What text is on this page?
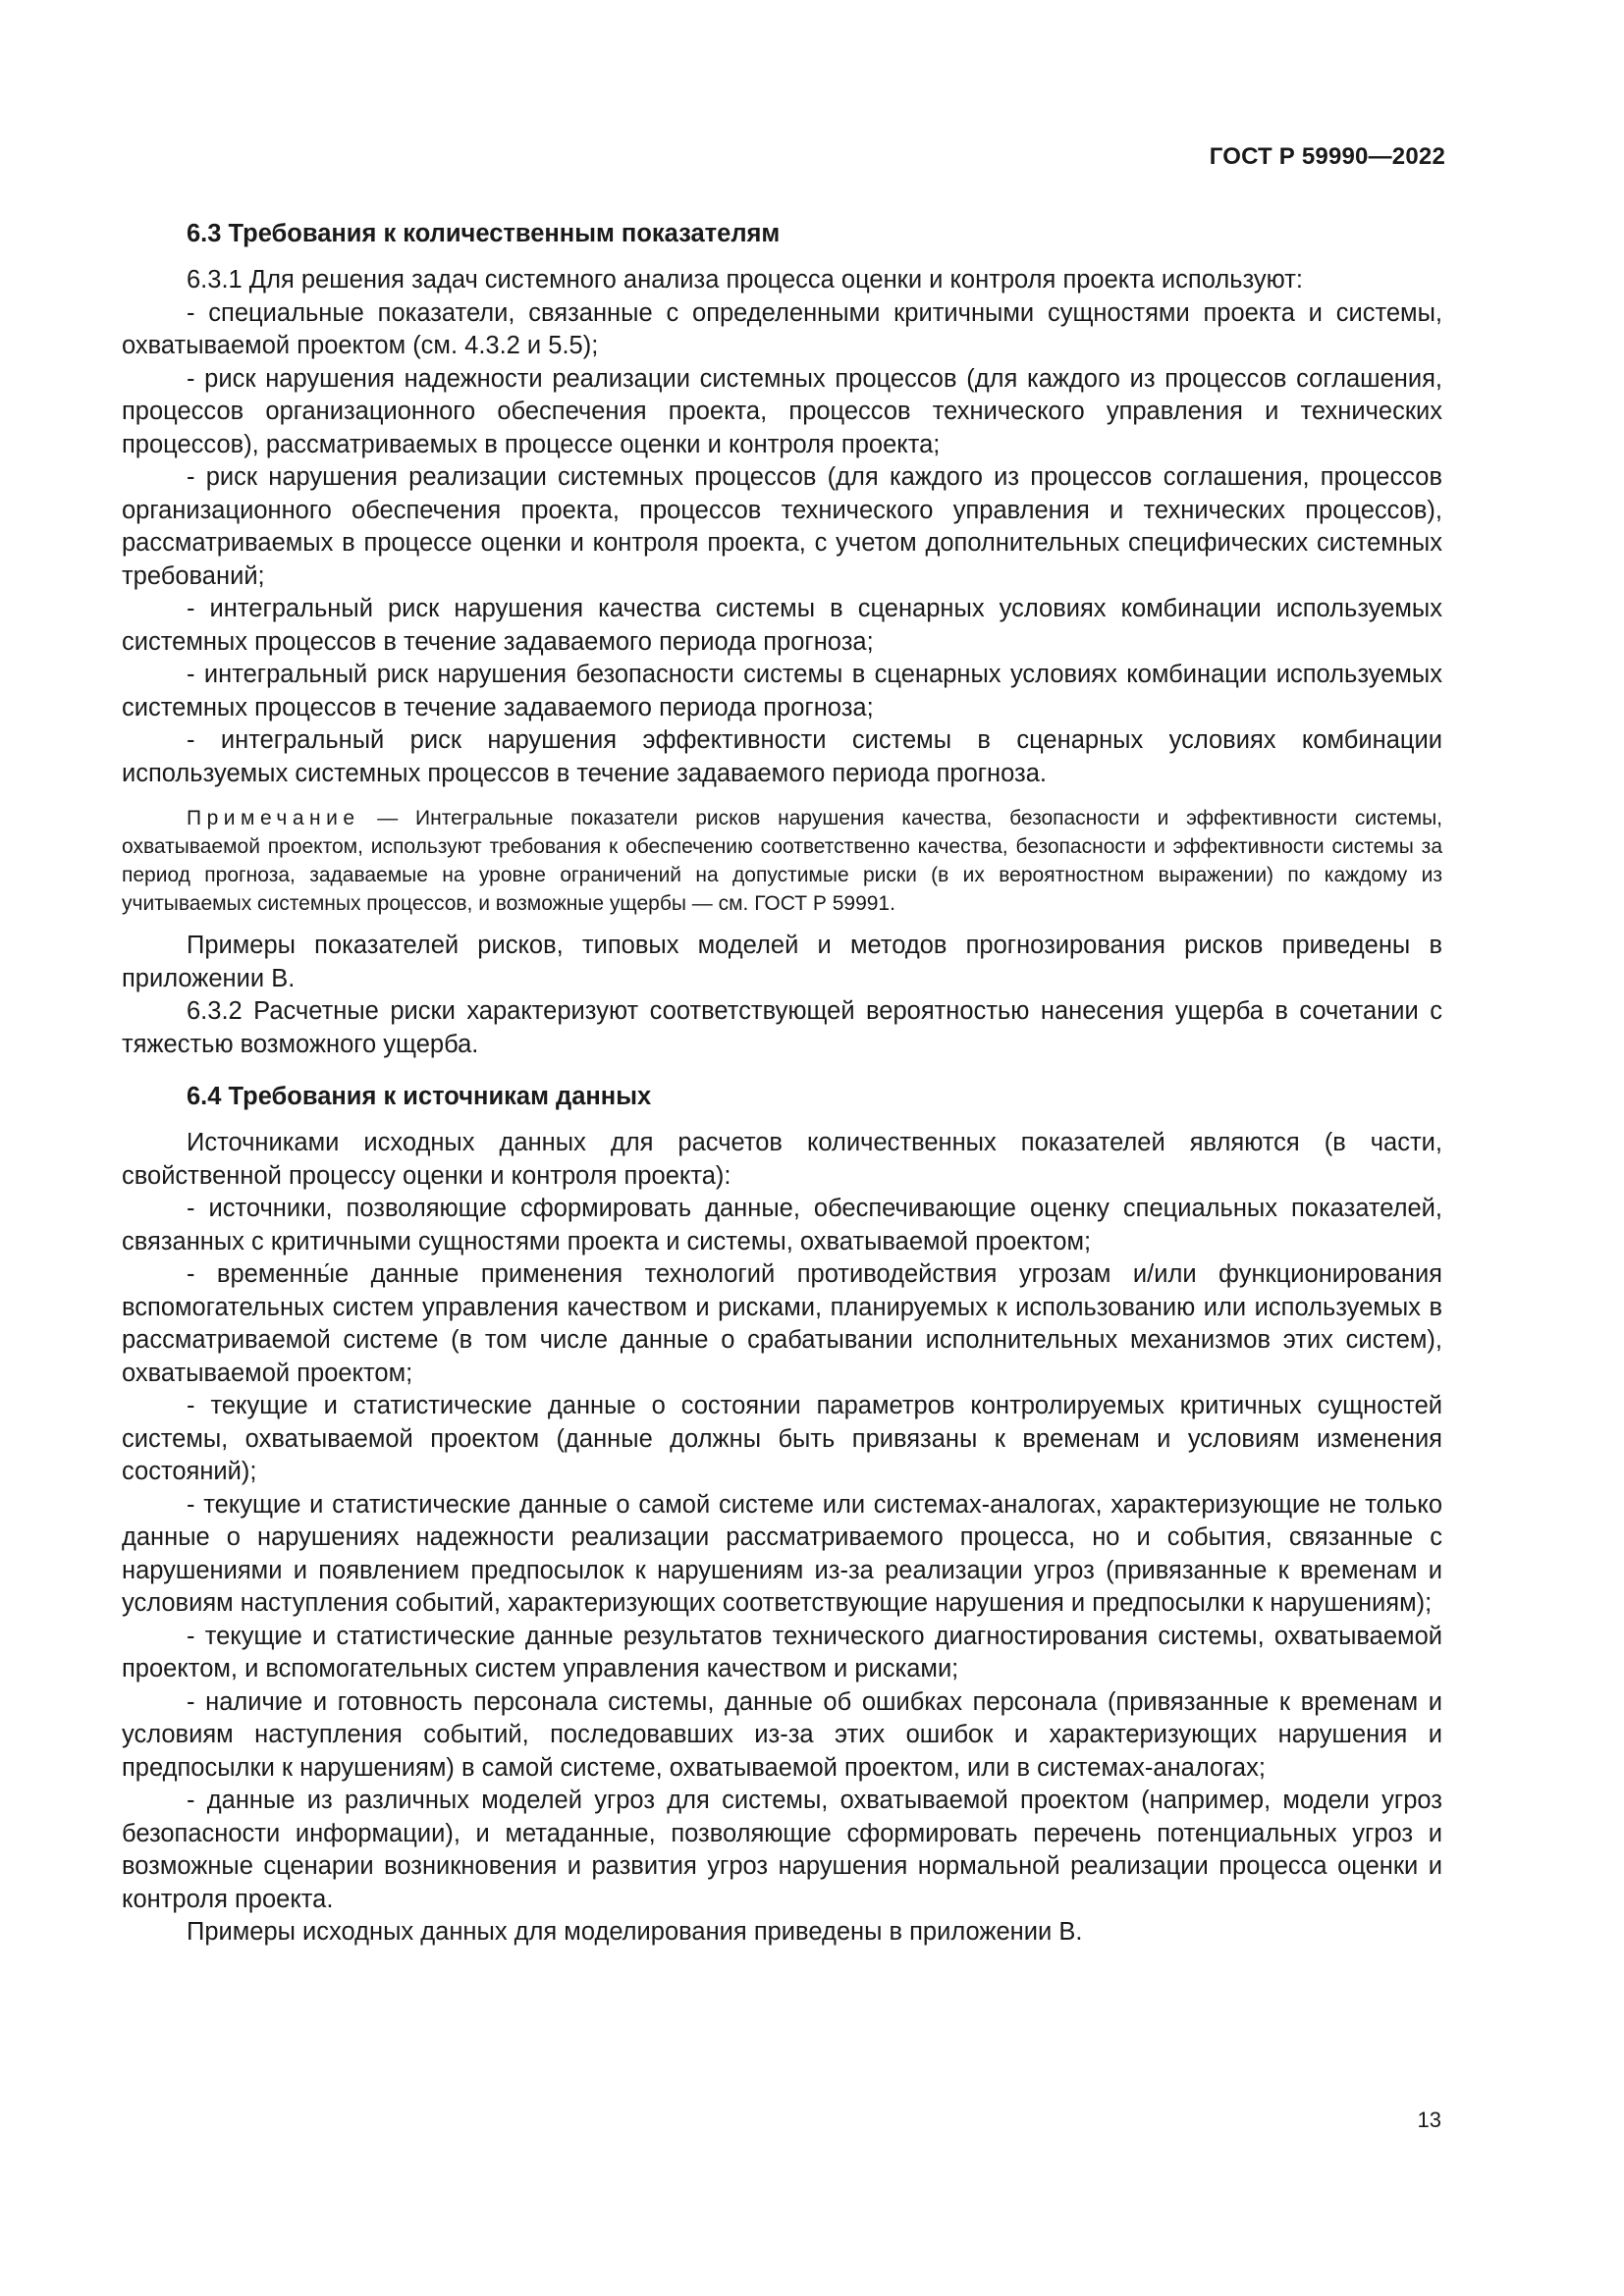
ГОСТ Р 59990—2022
6.3 Требования к количественным показателям

6.3.1 Для решения задач системного анализа процесса оценки и контроля проекта используют:

- специальные показатели, связанные с определенными критичными сущностями проекта и системы, охватываемой проектом (см. 4.3.2 и 5.5);

- риск нарушения надежности реализации системных процессов (для каждого из процессов соглашения, процессов организационного обеспечения проекта, процессов технического управления и технических процессов), рассматриваемых в процессе оценки и контроля проекта;

- риск нарушения реализации системных процессов (для каждого из процессов соглашения, процессов организационного обеспечения проекта, процессов технического управления и технических процессов), рассматриваемых в процессе оценки и контроля проекта, с учетом дополнительных специфических системных требований;

- интегральный риск нарушения качества системы в сценарных условиях комбинации используемых системных процессов в течение задаваемого периода прогноза;

- интегральный риск нарушения безопасности системы в сценарных условиях комбинации используемых системных процессов в течение задаваемого периода прогноза;

- интегральный риск нарушения эффективности системы в сценарных условиях комбинации используемых системных процессов в течение задаваемого периода прогноза.

Примечание — Интегральные показатели рисков нарушения качества, безопасности и эффективности системы, охватываемой проектом, используют требования к обеспечению соответственно качества, безопасности и эффективности системы за период прогноза, задаваемые на уровне ограничений на допустимые риски (в их вероятностном выражении) по каждому из учитываемых системных процессов, и возможные ущербы — см. ГОСТ Р 59991.

Примеры показателей рисков, типовых моделей и методов прогнозирования рисков приведены в приложении В.

6.3.2 Расчетные риски характеризуют соответствующей вероятностью нанесения ущерба в сочетании с тяжестью возможного ущерба.

6.4 Требования к источникам данных

Источниками исходных данных для расчетов количественных показателей являются (в части, свойственной процессу оценки и контроля проекта):

- источники, позволяющие сформировать данные, обеспечивающие оценку специальных показателей, связанных с критичными сущностями проекта и системы, охватываемой проектом;

- временны́е данные применения технологий противодействия угрозам и/или функционирования вспомогательных систем управления качеством и рисками, планируемых к использованию или используемых в рассматриваемой системе (в том числе данные о срабатывании исполнительных механизмов этих систем), охватываемой проектом;

- текущие и статистические данные о состоянии параметров контролируемых критичных сущностей системы, охватываемой проектом (данные должны быть привязаны к временам и условиям изменения состояний);

- текущие и статистические данные о самой системе или системах-аналогах, характеризующие не только данные о нарушениях надежности реализации рассматриваемого процесса, но и события, связанные с нарушениями и появлением предпосылок к нарушениям из-за реализации угроз (привязанные к временам и условиям наступления событий, характеризующих соответствующие нарушения и предпосылки к нарушениям);

- текущие и статистические данные результатов технического диагностирования системы, охватываемой проектом, и вспомогательных систем управления качеством и рисками;

- наличие и готовность персонала системы, данные об ошибках персонала (привязанные к временам и условиям наступления событий, последовавших из-за этих ошибок и характеризующих нарушения и предпосылки к нарушениям) в самой системе, охватываемой проектом, или в системах-аналогах;

- данные из различных моделей угроз для системы, охватываемой проектом (например, модели угроз безопасности информации), и метаданные, позволяющие сформировать перечень потенциальных угроз и возможные сценарии возникновения и развития угроз нарушения нормальной реализации процесса оценки и контроля проекта.

Примеры исходных данных для моделирования приведены в приложении В.

13
